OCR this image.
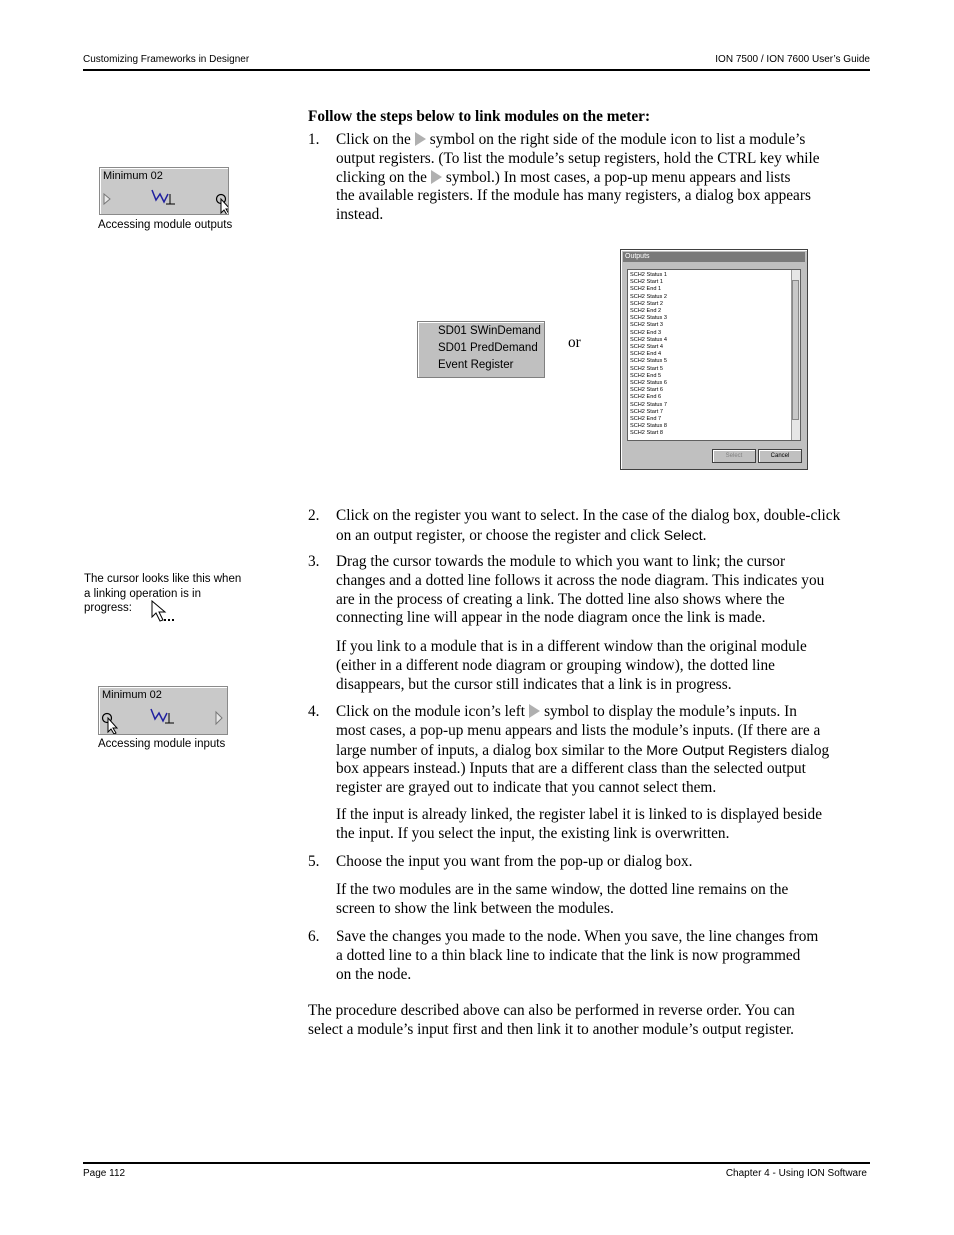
Customizing Frameworks in Designer	ION 7500 / ION 7600 User’s Guide
Follow the steps below to link modules on the meter:
1. Click on the symbol on the right side of the module icon to list a module’s
output registers. (To list the module’s setup registers, hold the CTRL key while
clicking on the symbol.) In most cases, a pop-up menu appears and lists
the available registers. If the module has many registers, a dialog box appears
instead.
Minimum 02
Accessing module outputs
SD01 SWinDemand
SD01 PredDemand
Event Register
or
Outputs
SCH2 Status 1
SCH2 Start 1
SCH2 End 1
SCH2 Status 2
SCH2 Start 2
SCH2 End 2
SCH2 Status 3
SCH2 Start 3
SCH2 End 3
SCH2 Status 4
SCH2 Start 4
SCH2 End 4
SCH2 Status 5
SCH2 Start 5
SCH2 End 5
SCH2 Status 6
SCH2 Start 6
SCH2 End 6
SCH2 Status 7
SCH2 Start 7
SCH2 End 7
SCH2 Status 8
SCH2 Start 8
Select	Cancel
2. Click on the register you want to select. In the case of the dialog box, double-click
on an output register, or choose the register and click Select.
3. Drag the cursor towards the module to which you want to link; the cursor
changes and a dotted line follows it across the node diagram. This indicates you
are in the process of creating a link. The dotted line also shows where the
connecting line will appear in the node diagram once the link is made.
If you link to a module that is in a different window than the original module
(either in a different node diagram or grouping window), the dotted line
disappears, but the cursor still indicates that a link is in progress.
The cursor looks like this when
a linking operation is in
progress:
Minimum 02
Accessing module inputs
4. Click on the module icon’s left symbol to display the module’s inputs. In
most cases, a pop-up menu appears and lists the module’s inputs. (If there are a
large number of inputs, a dialog box similar to the More Output Registers dialog
box appears instead.) Inputs that are a different class than the selected output
register are grayed out to indicate that you cannot select them.
If the input is already linked, the register label it is linked to is displayed beside
the input. If you select the input, the existing link is overwritten.
5. Choose the input you want from the pop-up or dialog box.
If the two modules are in the same window, the dotted line remains on the
screen to show the link between the modules.
6. Save the changes you made to the node. When you save, the line changes from
a dotted line to a thin black line to indicate that the link is now programmed
on the node.
The procedure described above can also be performed in reverse order. You can
select a module’s input first and then link it to another module’s output register.
Page 112	Chapter 4 - Using ION Software
